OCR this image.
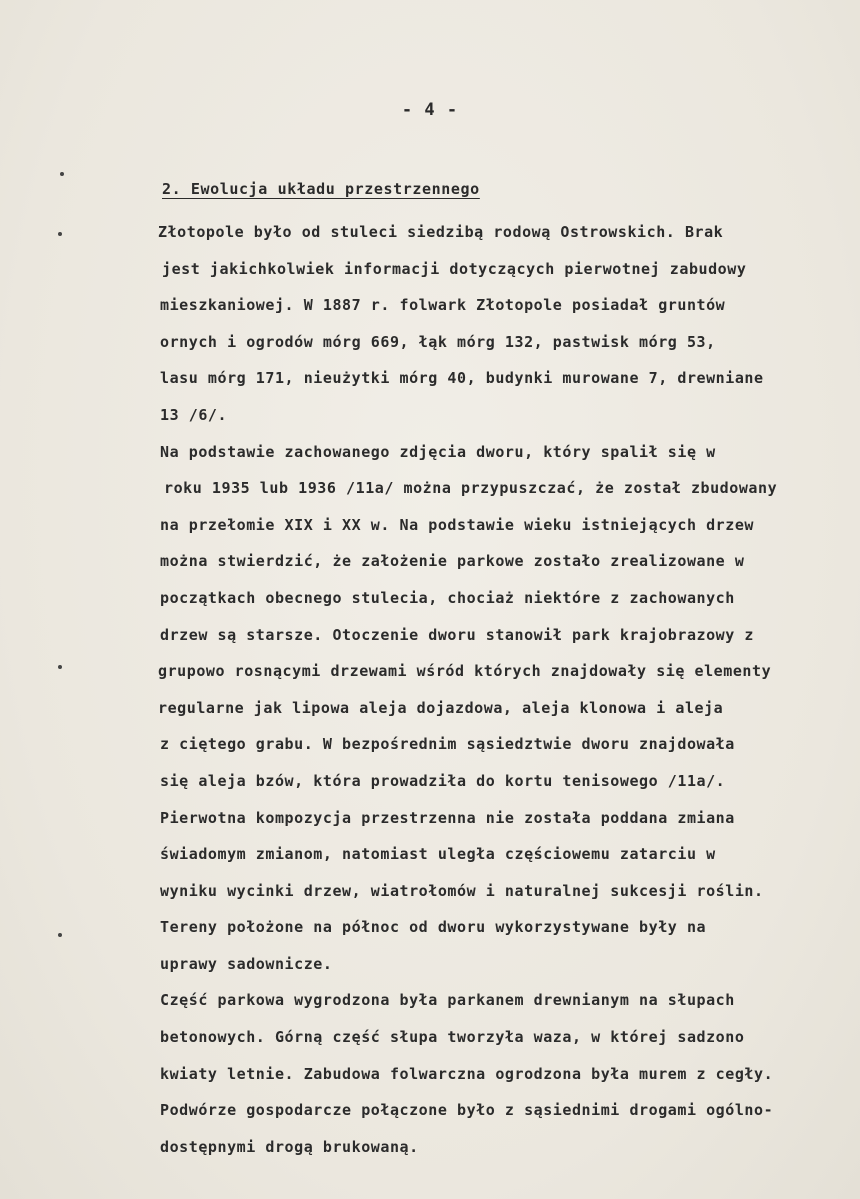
- 4 -
2. Ewolucja układu przestrzennego
Złotopole było od stuleci siedzibą rodową Ostrowskich. Brak
jest jakichkolwiek informacji dotyczących pierwotnej zabudowy
mieszkaniowej. W 1887 r. folwark Złotopole posiadał gruntów
ornych i ogrodów mórg 669, łąk mórg 132, pastwisk mórg 53,
lasu mórg 171, nieużytki mórg 40, budynki murowane 7, drewniane
13 /6/.
Na podstawie zachowanego zdjęcia dworu, który spalił się w
roku 1935 lub 1936 /11a/ można przypuszczać, że został zbudowany
na przełomie XIX i XX w. Na podstawie wieku istniejących drzew
można stwierdzić, że założenie parkowe zostało zrealizowane w
początkach obecnego stulecia, chociaż niektóre z zachowanych
drzew są starsze. Otoczenie dworu stanowił park krajobrazowy z
grupowo rosnącymi drzewami wśród których znajdowały się elementy
regularne jak lipowa aleja dojazdowa, aleja klonowa i aleja
z ciętego grabu. W bezpośrednim sąsiedztwie dworu znajdowała
się aleja bzów, która prowadziła do kortu tenisowego /11a/.
Pierwotna kompozycja przestrzenna nie została poddana zmiana
świadomym zmianom, natomiast uległa częściowemu zatarciu w
wyniku wycinki drzew, wiatrołomów i naturalnej sukcesji roślin.
Tereny położone na północ od dworu wykorzystywane były na
uprawy sadownicze.
Część parkowa wygrodzona była parkanem drewnianym na słupach
betonowych. Górną część słupa tworzyła waza, w której sadzono
kwiaty letnie. Zabudowa folwarczna ogrodzona była murem z cegły.
Podwórze gospodarcze połączone było z sąsiednimi drogami ogólno-
dostępnymi drogą brukowaną.
